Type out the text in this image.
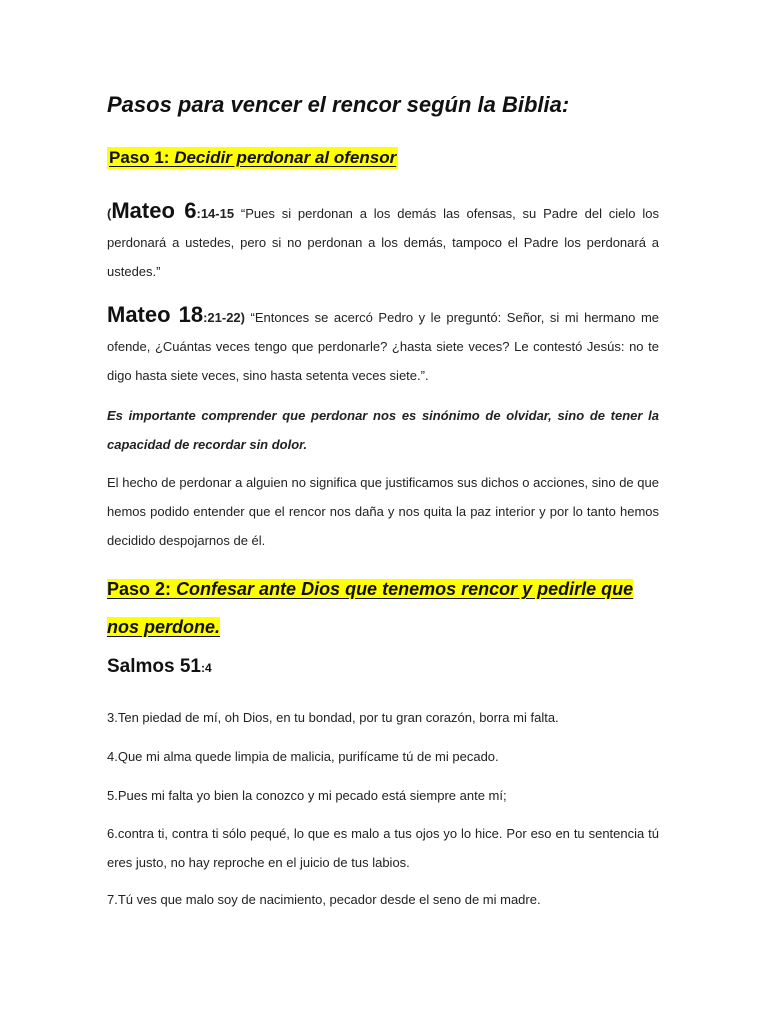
Pasos para vencer el rencor según la Biblia:
Paso 1: Decidir perdonar al ofensor
(Mateo 6:14-15 “Pues si perdonan a los demás las ofensas, su Padre del cielo los perdonará a ustedes, pero si no perdonan a los demás, tampoco el Padre los perdonará a ustedes.”
Mateo 18:21-22) “Entonces se acercó Pedro y le preguntó: Señor, si mi hermano me ofende, ¿Cuántas veces tengo que perdonarle? ¿hasta siete veces? Le contestó Jesús: no te digo hasta siete veces, sino hasta setenta veces siete.”.
Es importante comprender que perdonar nos es sinónimo de olvidar, sino de tener la capacidad de recordar sin dolor.
El hecho de perdonar a alguien no significa que justificamos sus dichos o acciones, sino de que hemos podido entender que el rencor nos daña y nos quita la paz interior y por lo tanto hemos decidido despojarnos de él.
Paso 2: Confesar ante Dios que tenemos rencor y pedirle que nos perdone.
Salmos 51:4
3.Ten piedad de mí, oh Dios, en tu bondad, por tu gran corazón, borra mi falta.
4.Que mi alma quede limpia de malicia, purifícame tú de mi pecado.
5.Pues mi falta yo bien la conozco y mi pecado está siempre ante mí;
6.contra ti, contra ti sólo pequé, lo que es malo a tus ojos yo lo hice. Por eso en tu sentencia tú eres justo, no hay reproche en el juicio de tus labios.
7.Tú ves que malo soy de nacimiento, pecador desde el seno de mi madre.
